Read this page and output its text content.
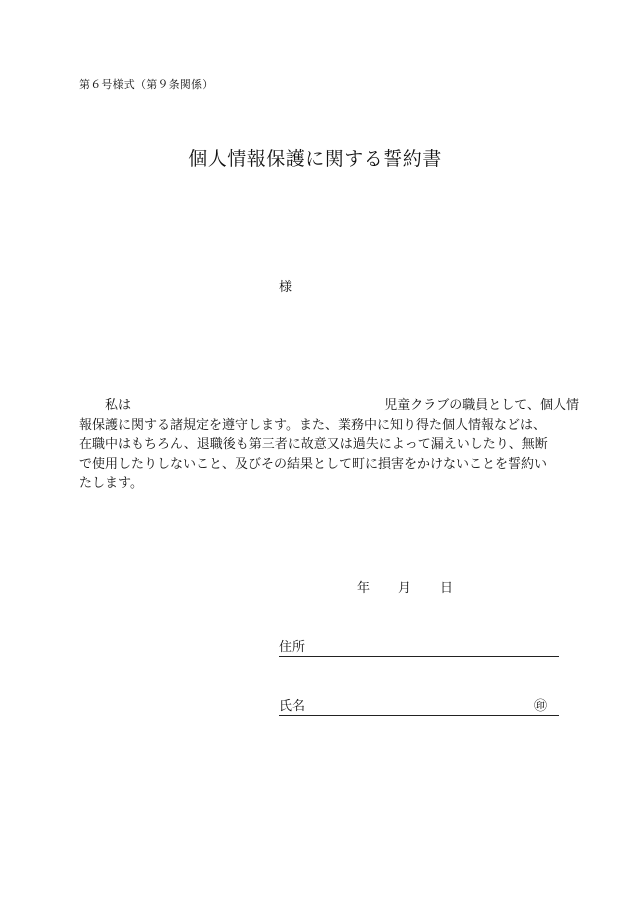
第６号様式（第９条関係）
個人情報保護に関する誓約書
様
私は	児童クラブの職員として、個人情
報保護に関する諸規定を遵守します。また、業務中に知り得た個人情報などは、
在職中はもちろん、退職後も第三者に故意又は過失によって漏えいしたり、無断
で使用したりしないこと、及びその結果として町に損害をかけないことを誓約い
たします。
年 月 日
住所
氏名	㊞
